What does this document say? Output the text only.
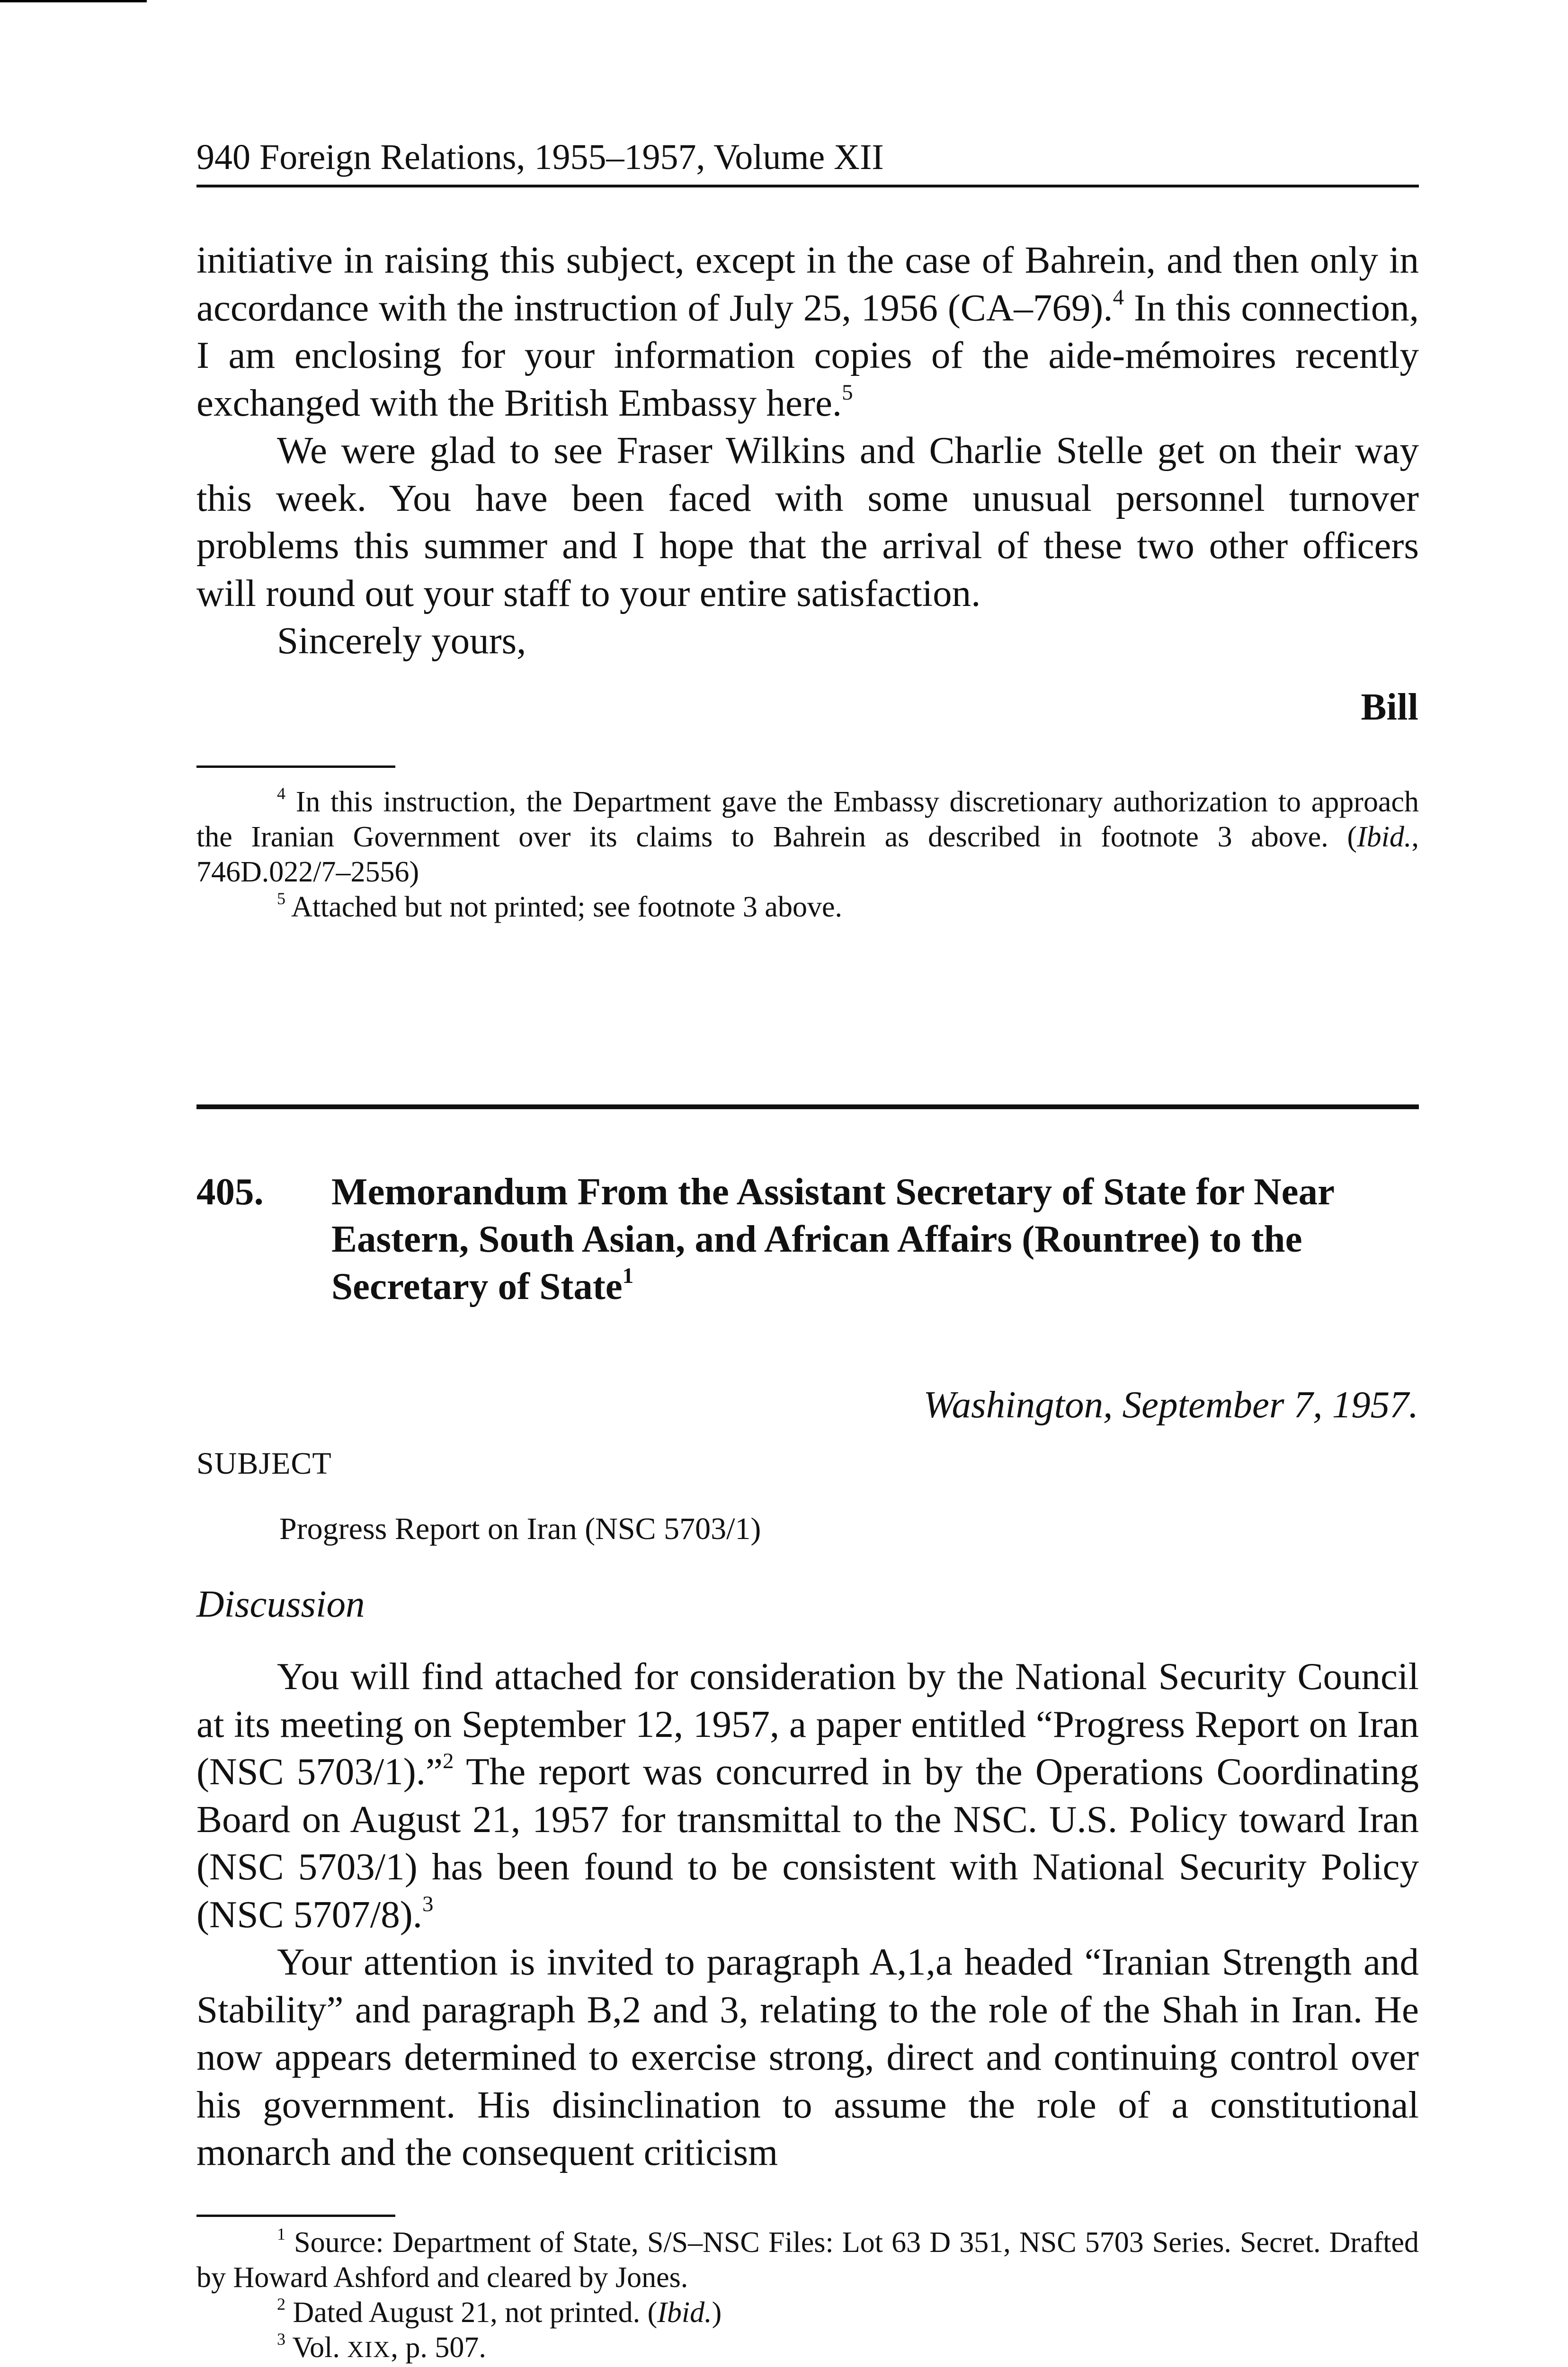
940 Foreign Relations, 1955–1957, Volume XII

initiative in raising this subject, except in the case of Bahrein, and then only in accordance with the instruction of July 25, 1956 (CA–769).$^4$ In this connection, I am enclosing for your information copies of the aide-mémoires recently exchanged with the British Embassy here.$^5$

We were glad to see Fraser Wilkins and Charlie Stelle get on their way this week. You have been faced with some unusual personnel turnover problems this summer and I hope that the arrival of these two other officers will round out your staff to your entire satisfaction.

Sincerely yours,

Bill

$^4$ In this instruction, the Department gave the Embassy discretionary authorization to approach the Iranian Government over its claims to Bahrein as described in footnote 3 above. (Ibid., 746D.022/7–2556)

$^5$ Attached but not printed; see footnote 3 above.

405. Memorandum From the Assistant Secretary of State for Near Eastern, South Asian, and African Affairs (Rountree) to the Secretary of State$^1$
Washington, September 7, 1957.
SUBJECT
Progress Report on Iran (NSC 5703/1)
Discussion

You will find attached for consideration by the National Security Council at its meeting on September 12, 1957, a paper entitled “Progress Report on Iran (NSC 5703/1).”$^2$ The report was concurred in by the Operations Coordinating Board on August 21, 1957 for transmittal to the NSC. U.S. Policy toward Iran (NSC 5703/1) has been found to be consistent with National Security Policy (NSC 5707/8).$^3$

Your attention is invited to paragraph A,1,a headed “Iranian Strength and Stability” and paragraph B,2 and 3, relating to the role of the Shah in Iran. He now appears determined to exercise strong, direct and continuing control over his government. His disinclination to assume the role of a constitutional monarch and the consequent criticism

$^1$ Source: Department of State, S/S–NSC Files: Lot 63 D 351, NSC 5703 Series. Secret. Drafted by Howard Ashford and cleared by Jones.

$^2$ Dated August 21, not printed. (Ibid.)

$^3$ Vol. XIX, p. 507.
